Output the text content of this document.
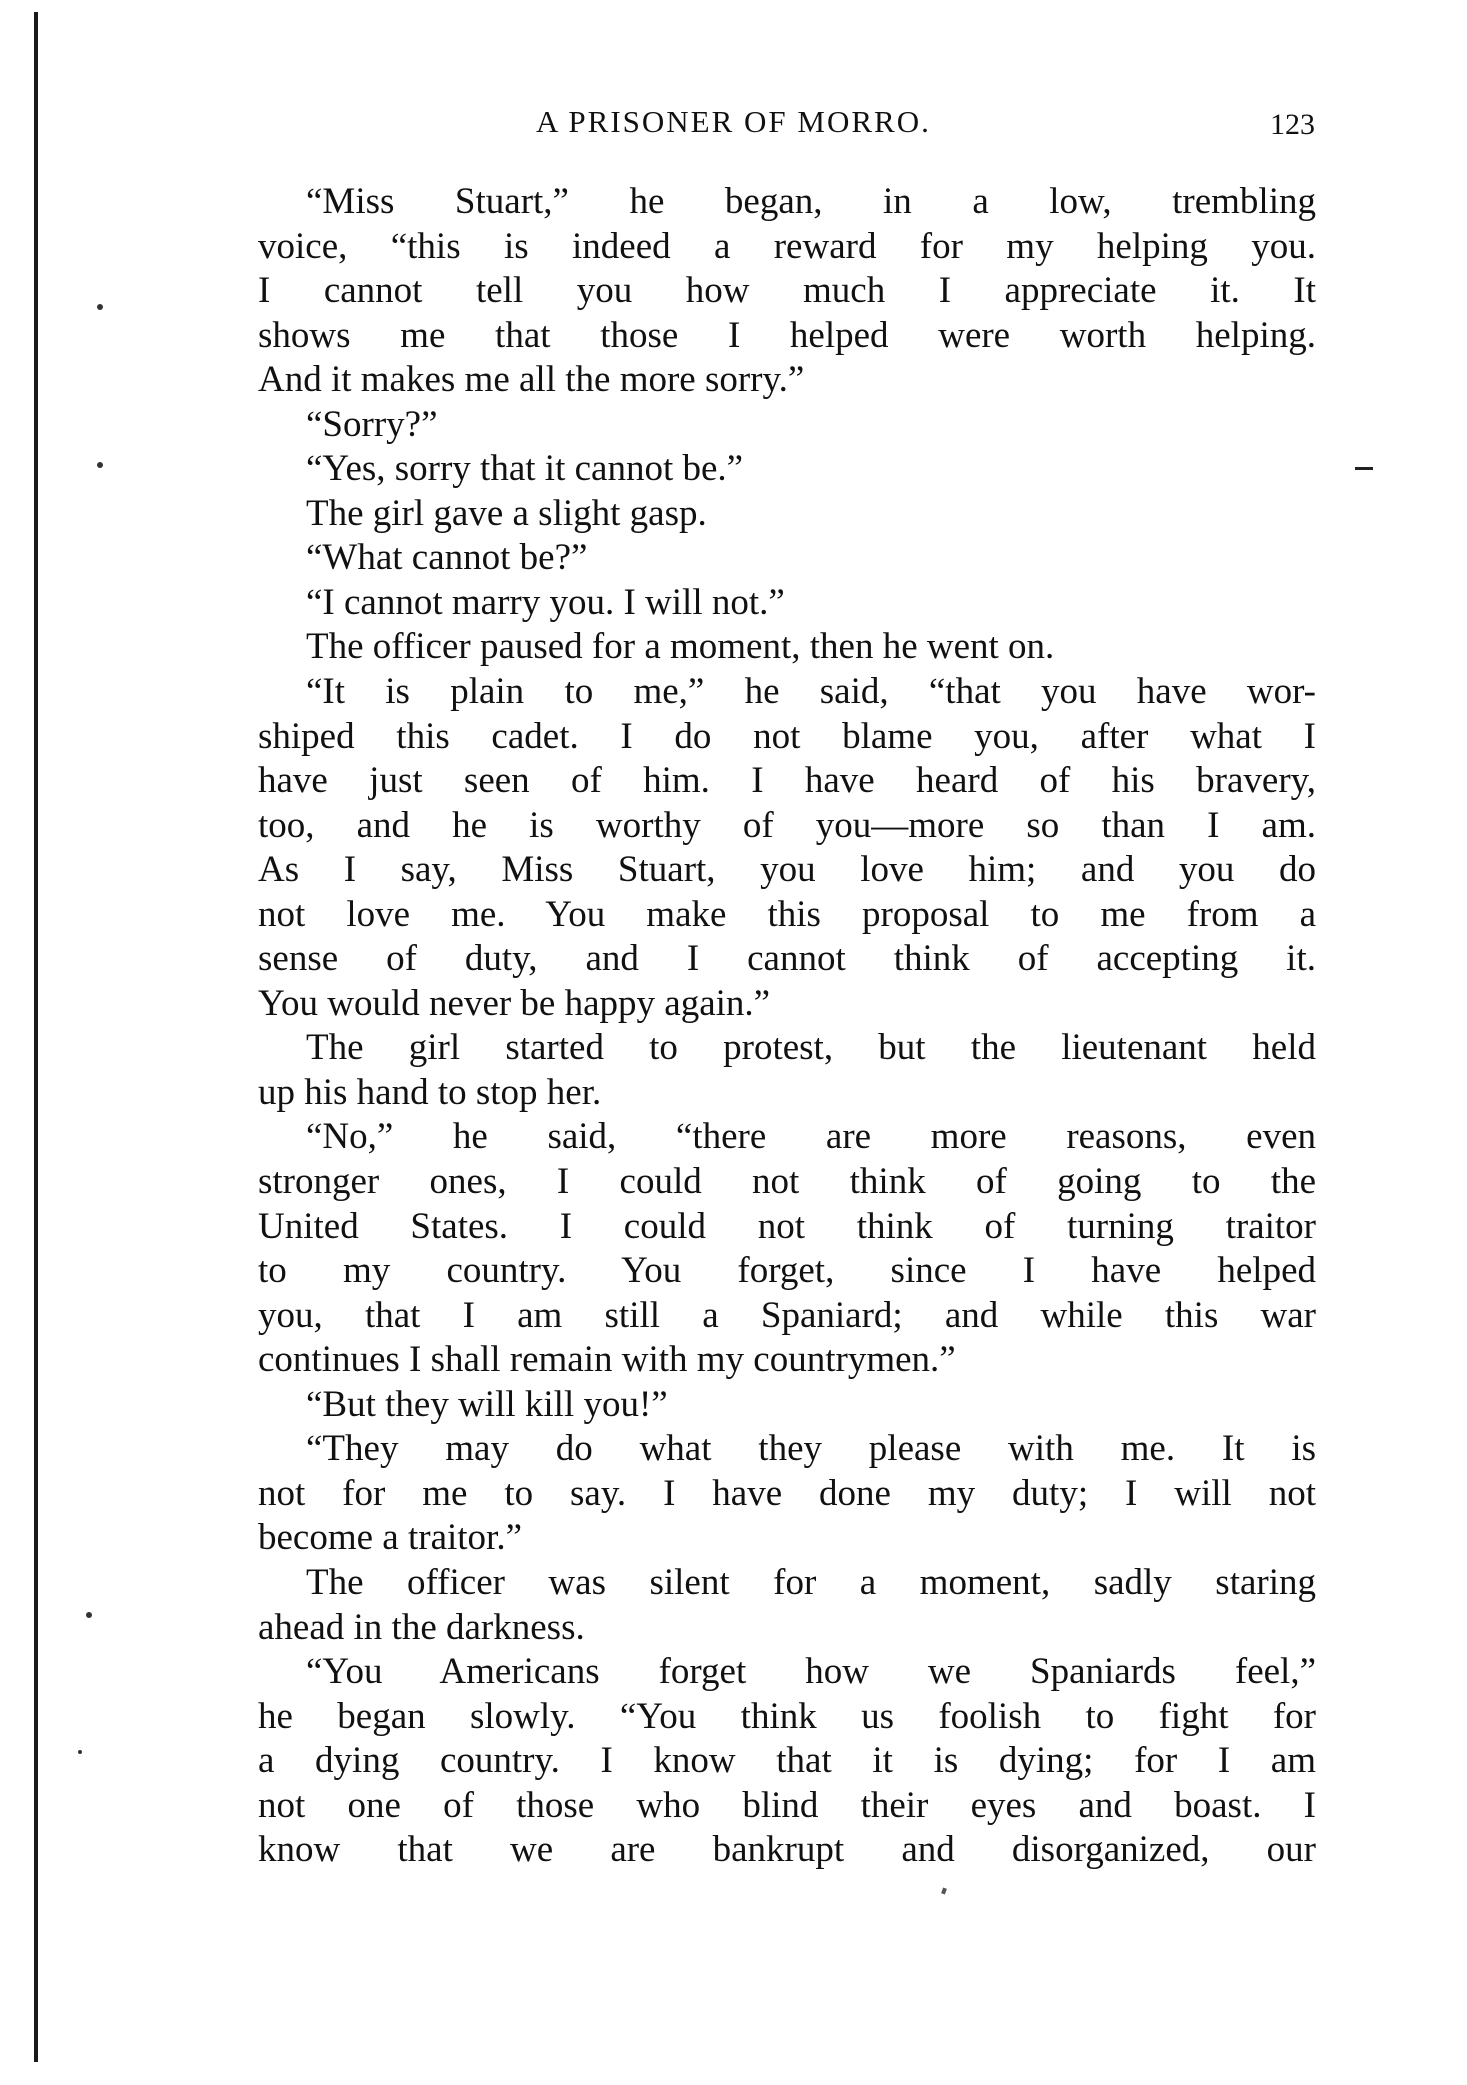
A PRISONER OF MORRO.	123
“Miss Stuart,” he began, in a low, trembling
voice, “this is indeed a reward for my helping you.
I cannot tell you how much I appreciate it. It
shows me that those I helped were worth helping.
And it makes me all the more sorry.”
“Sorry?”
“Yes, sorry that it cannot be.”
The girl gave a slight gasp.
“What cannot be?”
“I cannot marry you. I will not.”
The officer paused for a moment, then he went on.
“It is plain to me,” he said, “that you have wor-
shiped this cadet. I do not blame you, after what I
have just seen of him. I have heard of his bravery,
too, and he is worthy of you—more so than I am.
As I say, Miss Stuart, you love him; and you do
not love me. You make this proposal to me from a
sense of duty, and I cannot think of accepting it.
You would never be happy again.”
The girl started to protest, but the lieutenant held
up his hand to stop her.
“No,” he said, “there are more reasons, even
stronger ones, I could not think of going to the
United States. I could not think of turning traitor
to my country. You forget, since I have helped
you, that I am still a Spaniard; and while this war
continues I shall remain with my countrymen.”
“But they will kill you!”
“They may do what they please with me. It is
not for me to say. I have done my duty; I will not
become a traitor.”
The officer was silent for a moment, sadly staring
ahead in the darkness.
“You Americans forget how we Spaniards feel,”
he began slowly. “You think us foolish to fight for
a dying country. I know that it is dying; for I am
not one of those who blind their eyes and boast. I
know that we are bankrupt and disorganized, our
